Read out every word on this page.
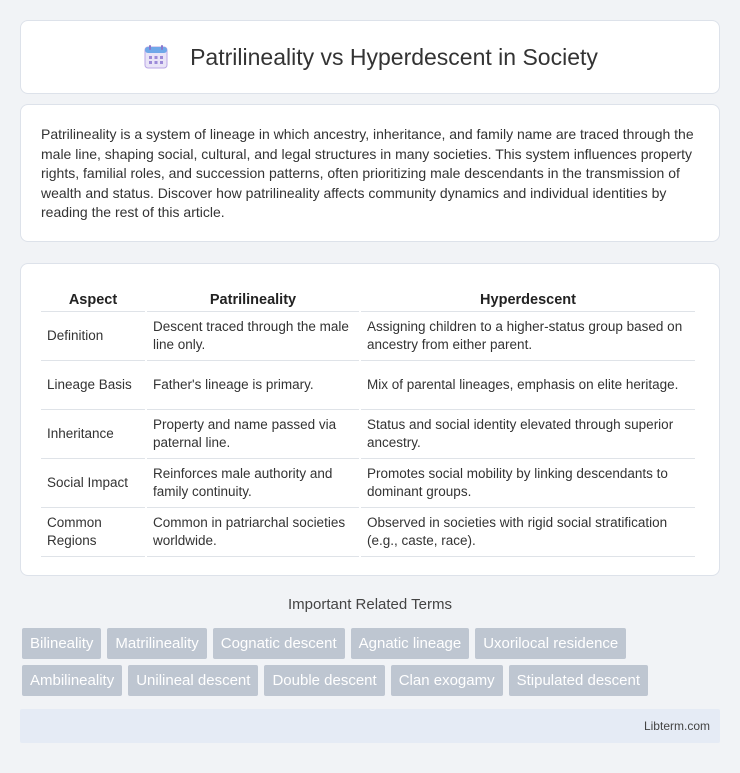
Patrilineality vs Hyperdescent in Society

Patrilineality is a system of lineage in which ancestry, inheritance, and family name are traced through the male line, shaping social, cultural, and legal structures in many societies. This system influences property rights, familial roles, and succession patterns, often prioritizing male descendants in the transmission of wealth and status. Discover how patrilineality affects community dynamics and individual identities by reading the rest of this article.

Aspect	Patrilineality	Hyperdescent
Definition	Descent traced through the male line only.	Assigning children to a higher-status group based on ancestry from either parent.
Lineage Basis	Father's lineage is primary.	Mix of parental lineages, emphasis on elite heritage.
Inheritance	Property and name passed via paternal line.	Status and social identity elevated through superior ancestry.
Social Impact	Reinforces male authority and family continuity.	Promotes social mobility by linking descendants to dominant groups.
Common Regions	Common in patriarchal societies worldwide.	Observed in societies with rigid social stratification (e.g., caste, race).
Important Related Terms
Bilineality	Matrilineality	Cognatic descent	Agnatic lineage	Uxorilocal residence
Ambilineality	Unilineal descent	Double descent	Clan exogamy	Stipulated descent
Libterm.com
